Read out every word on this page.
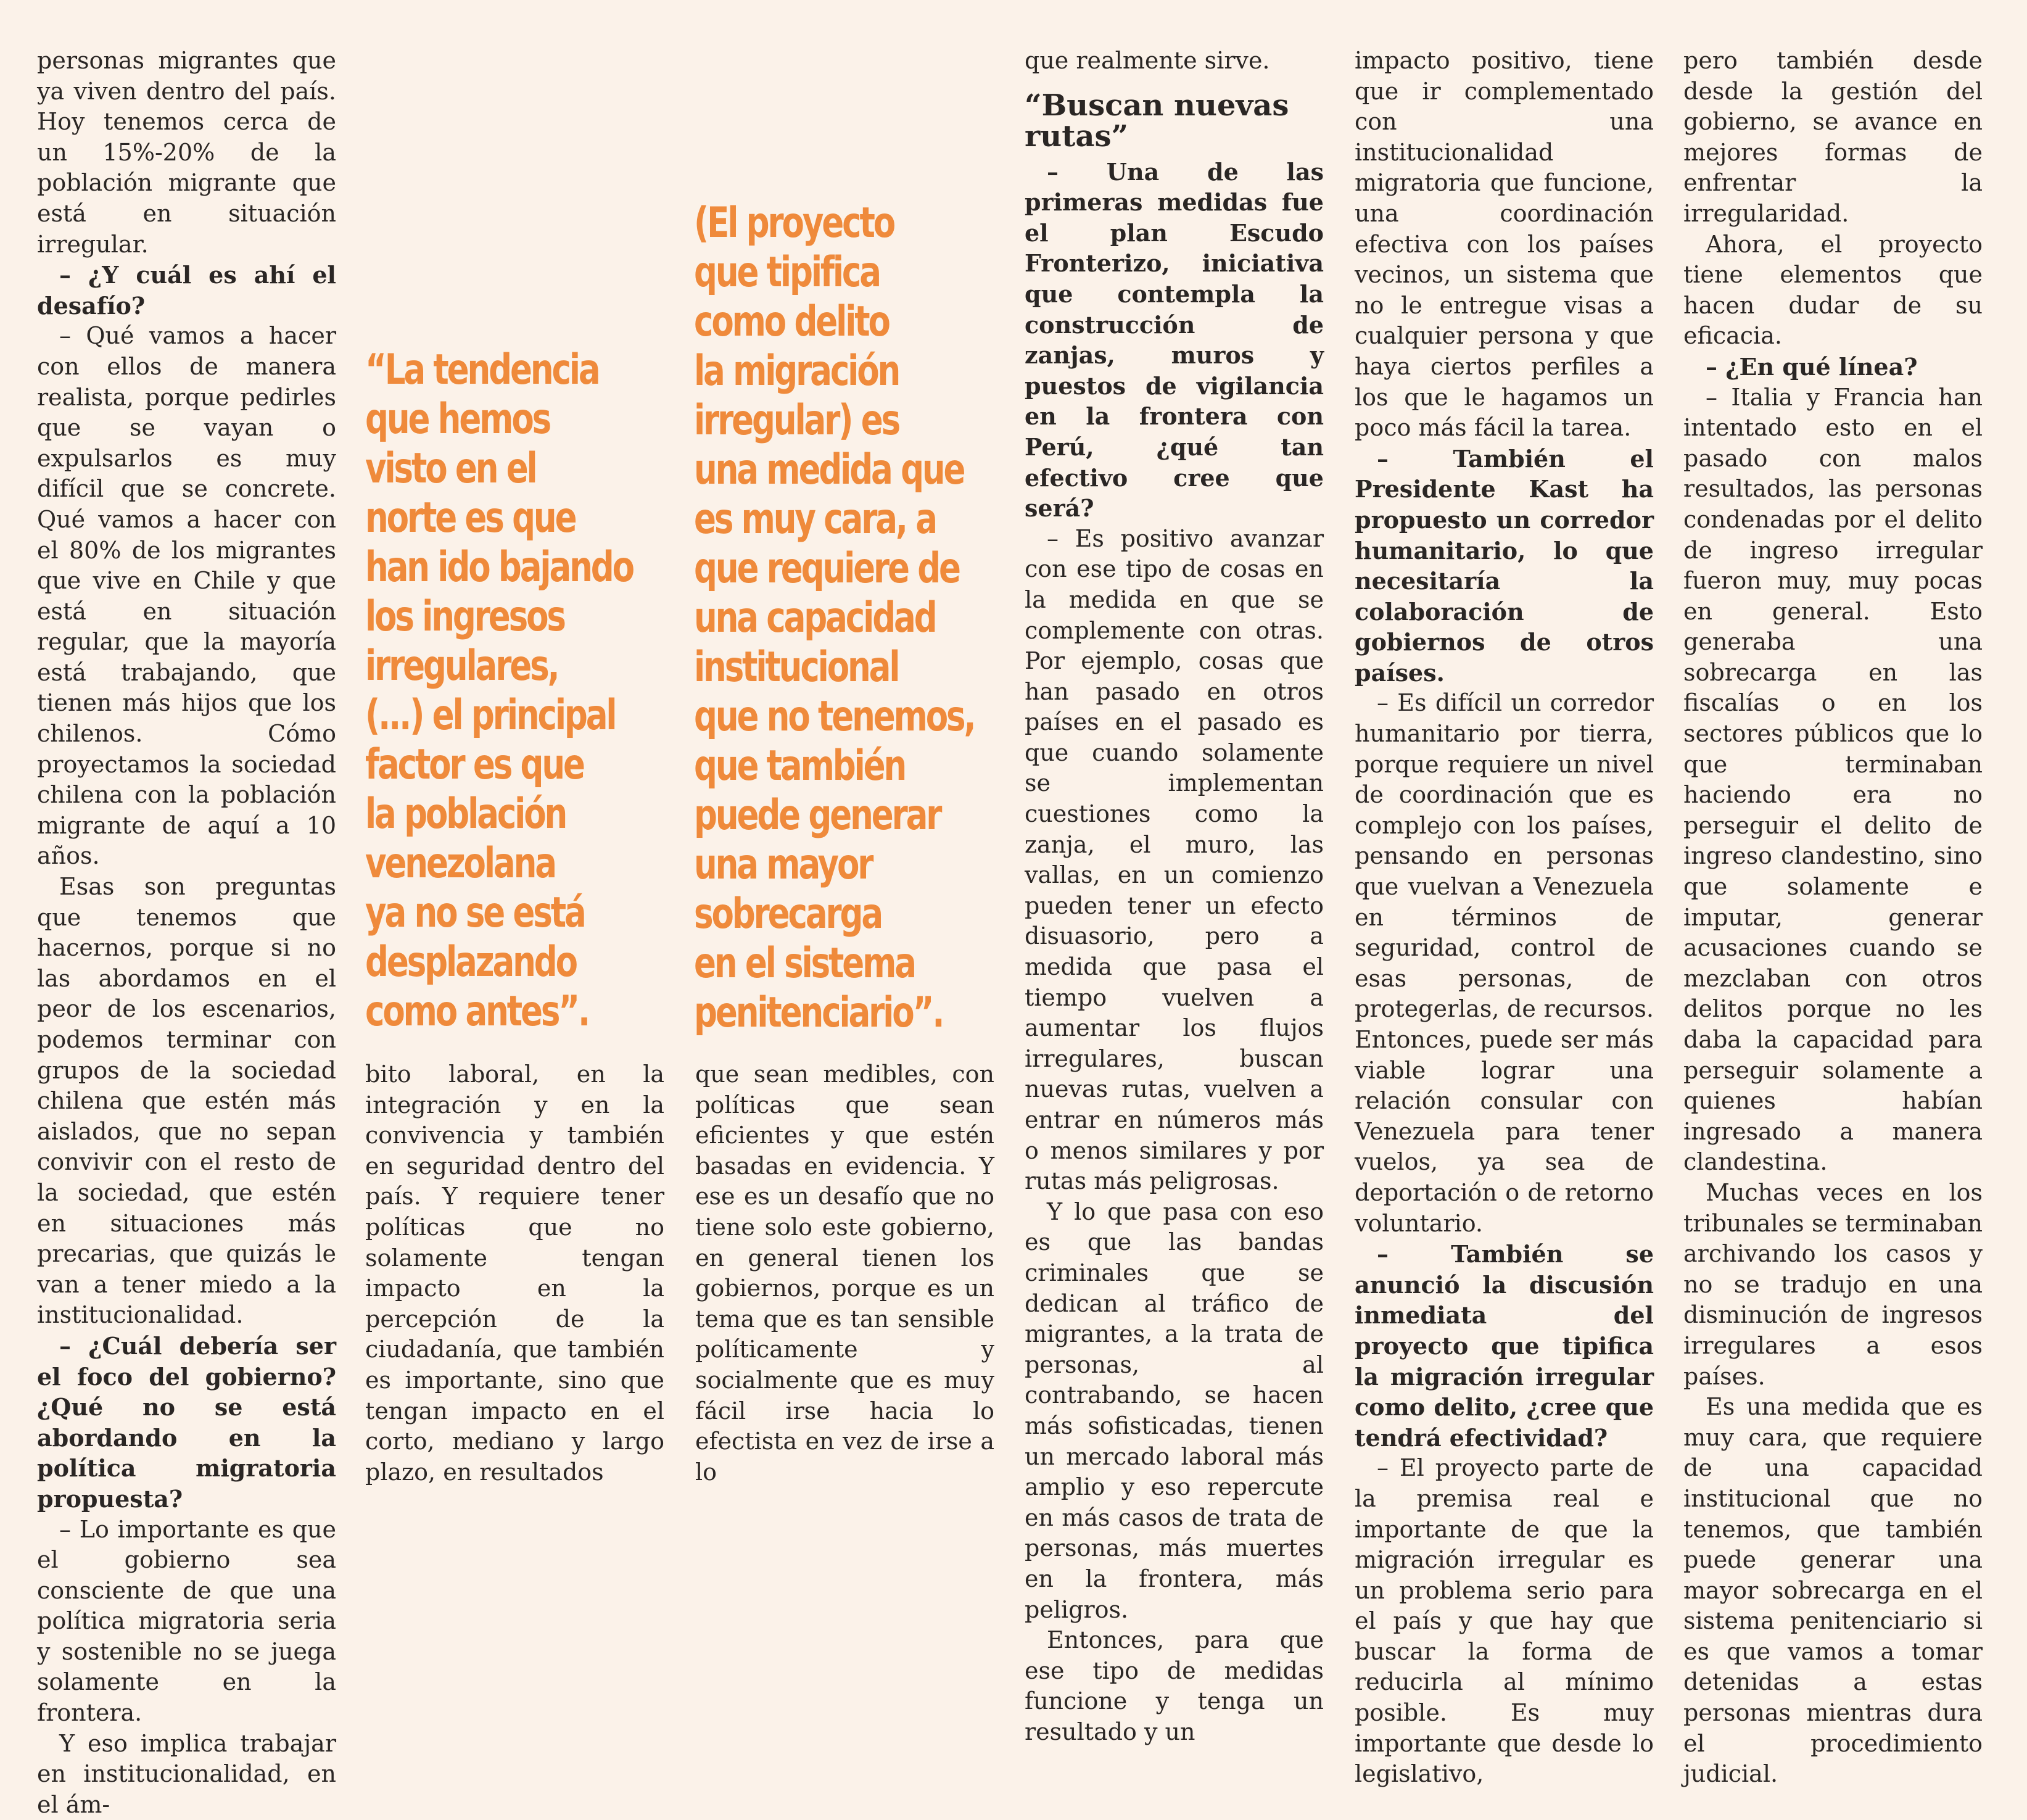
personas migrantes que ya viven dentro del país. Hoy tenemos cerca de un 15%-20% de la población migrante que está en situación irregular.

– ¿Y cuál es ahí el desafío?

– Qué vamos a hacer con ellos de manera realista, porque pedirles que se vayan o expulsarlos es muy difícil que se concrete. Qué vamos a hacer con el 80% de los migrantes que vive en Chile y que está en situación regular, que la mayoría está trabajando, que tienen más hijos que los chilenos. Cómo proyectamos la sociedad chilena con la población migrante de aquí a 10 años.

Esas son preguntas que tenemos que hacernos, porque si no las abordamos en el peor de los escenarios, podemos terminar con grupos de la sociedad chilena que estén más aislados, que no sepan convivir con el resto de la sociedad, que estén en situaciones más precarias, que quizás le van a tener miedo a la institucionalidad.

– ¿Cuál debería ser el foco del gobierno? ¿Qué no se está abordando en la política migratoria propuesta?

– Lo importante es que el gobierno sea consciente de que una política migratoria seria y sostenible no se juega solamente en la frontera.

Y eso implica trabajar en institucionalidad, en el ám-

“La tendencia
que hemos
visto en el
norte es que
han ido bajando
los ingresos
irregulares,
(...) el principal
factor es que
la población
venezolana
ya no se está
desplazando
como antes”.

bito laboral, en la integración y en la convivencia y también en seguridad dentro del país. Y requiere tener políticas que no solamente tengan impacto en la percepción de la ciudadanía, que también es importante, sino que tengan impacto en el corto, mediano y largo plazo, en resultados

(El proyecto
que tipifica
como delito
la migración
irregular) es
una medida que
es muy cara, a
que requiere de
una capacidad
institucional
que no tenemos,
que también
puede generar
una mayor
sobrecarga
en el sistema
penitenciario”.

que sean medibles, con políticas que sean eficientes y que estén basadas en evidencia. Y ese es un desafío que no tiene solo este gobierno, en general tienen los gobiernos, porque es un tema que es tan sensible políticamente y socialmente que es muy fácil irse hacia lo efectista en vez de irse a lo

que realmente sirve.

“Buscan nuevas rutas”

– Una de las primeras medidas fue el plan Escudo Fronterizo, iniciativa que contempla la construcción de zanjas, muros y puestos de vigilancia en la frontera con Perú, ¿qué tan efectivo cree que será?

– Es positivo avanzar con ese tipo de cosas en la medida en que se complemente con otras. Por ejemplo, cosas que han pasado en otros países en el pasado es que cuando solamente se implementan cuestiones como la zanja, el muro, las vallas, en un comienzo pueden tener un efecto disuasorio, pero a medida que pasa el tiempo vuelven a aumentar los flujos irregulares, buscan nuevas rutas, vuelven a entrar en números más o menos similares y por rutas más peligrosas.

Y lo que pasa con eso es que las bandas criminales que se dedican al tráfico de migrantes, a la trata de personas, al contrabando, se hacen más sofisticadas, tienen un mercado laboral más amplio y eso repercute en más casos de trata de personas, más muertes en la frontera, más peligros.

Entonces, para que ese tipo de medidas funcione y tenga un resultado y un

impacto positivo, tiene que ir complementado con una institucionalidad migratoria que funcione, una coordinación efectiva con los países vecinos, un sistema que no le entregue visas a cualquier persona y que haya ciertos perfiles a los que le hagamos un poco más fácil la tarea.

– También el Presidente Kast ha propuesto un corredor humanitario, lo que necesitaría la colaboración de gobiernos de otros países.

– Es difícil un corredor humanitario por tierra, porque requiere un nivel de coordinación que es complejo con los países, pensando en personas que vuelvan a Venezuela en términos de seguridad, control de esas personas, de protegerlas, de recursos. Entonces, puede ser más viable lograr una relación consular con Venezuela para tener vuelos, ya sea de deportación o de retorno voluntario.

– También se anunció la discusión inmediata del proyecto que tipifica la migración irregular como delito, ¿cree que tendrá efectividad?

– El proyecto parte de la premisa real e importante de que la migración irregular es un problema serio para el país y que hay que buscar la forma de reducirla al mínimo posible. Es muy importante que desde lo legislativo,

pero también desde desde la gestión del gobierno, se avance en mejores formas de enfrentar la irregularidad.

Ahora, el proyecto tiene elementos que hacen dudar de su eficacia.

– ¿En qué línea?

– Italia y Francia han intentado esto en el pasado con malos resultados, las personas condenadas por el delito de ingreso irregular fueron muy, muy pocas en general. Esto generaba una sobrecarga en las fiscalías o en los sectores públicos que lo que terminaban haciendo era no perseguir el delito de ingreso clandestino, sino que solamente e imputar, generar acusaciones cuando se mezclaban con otros delitos porque no les daba la capacidad para perseguir solamente a quienes habían ingresado a manera clandestina.

Muchas veces en los tribunales se terminaban archivando los casos y no se tradujo en una disminución de ingresos irregulares a esos países.

Es una medida que es muy cara, que requiere de una capacidad institucional que no tenemos, que también puede generar una mayor sobrecarga en el sistema penitenciario si es que vamos a tomar detenidas a estas personas mientras dura el procedimiento judicial.
